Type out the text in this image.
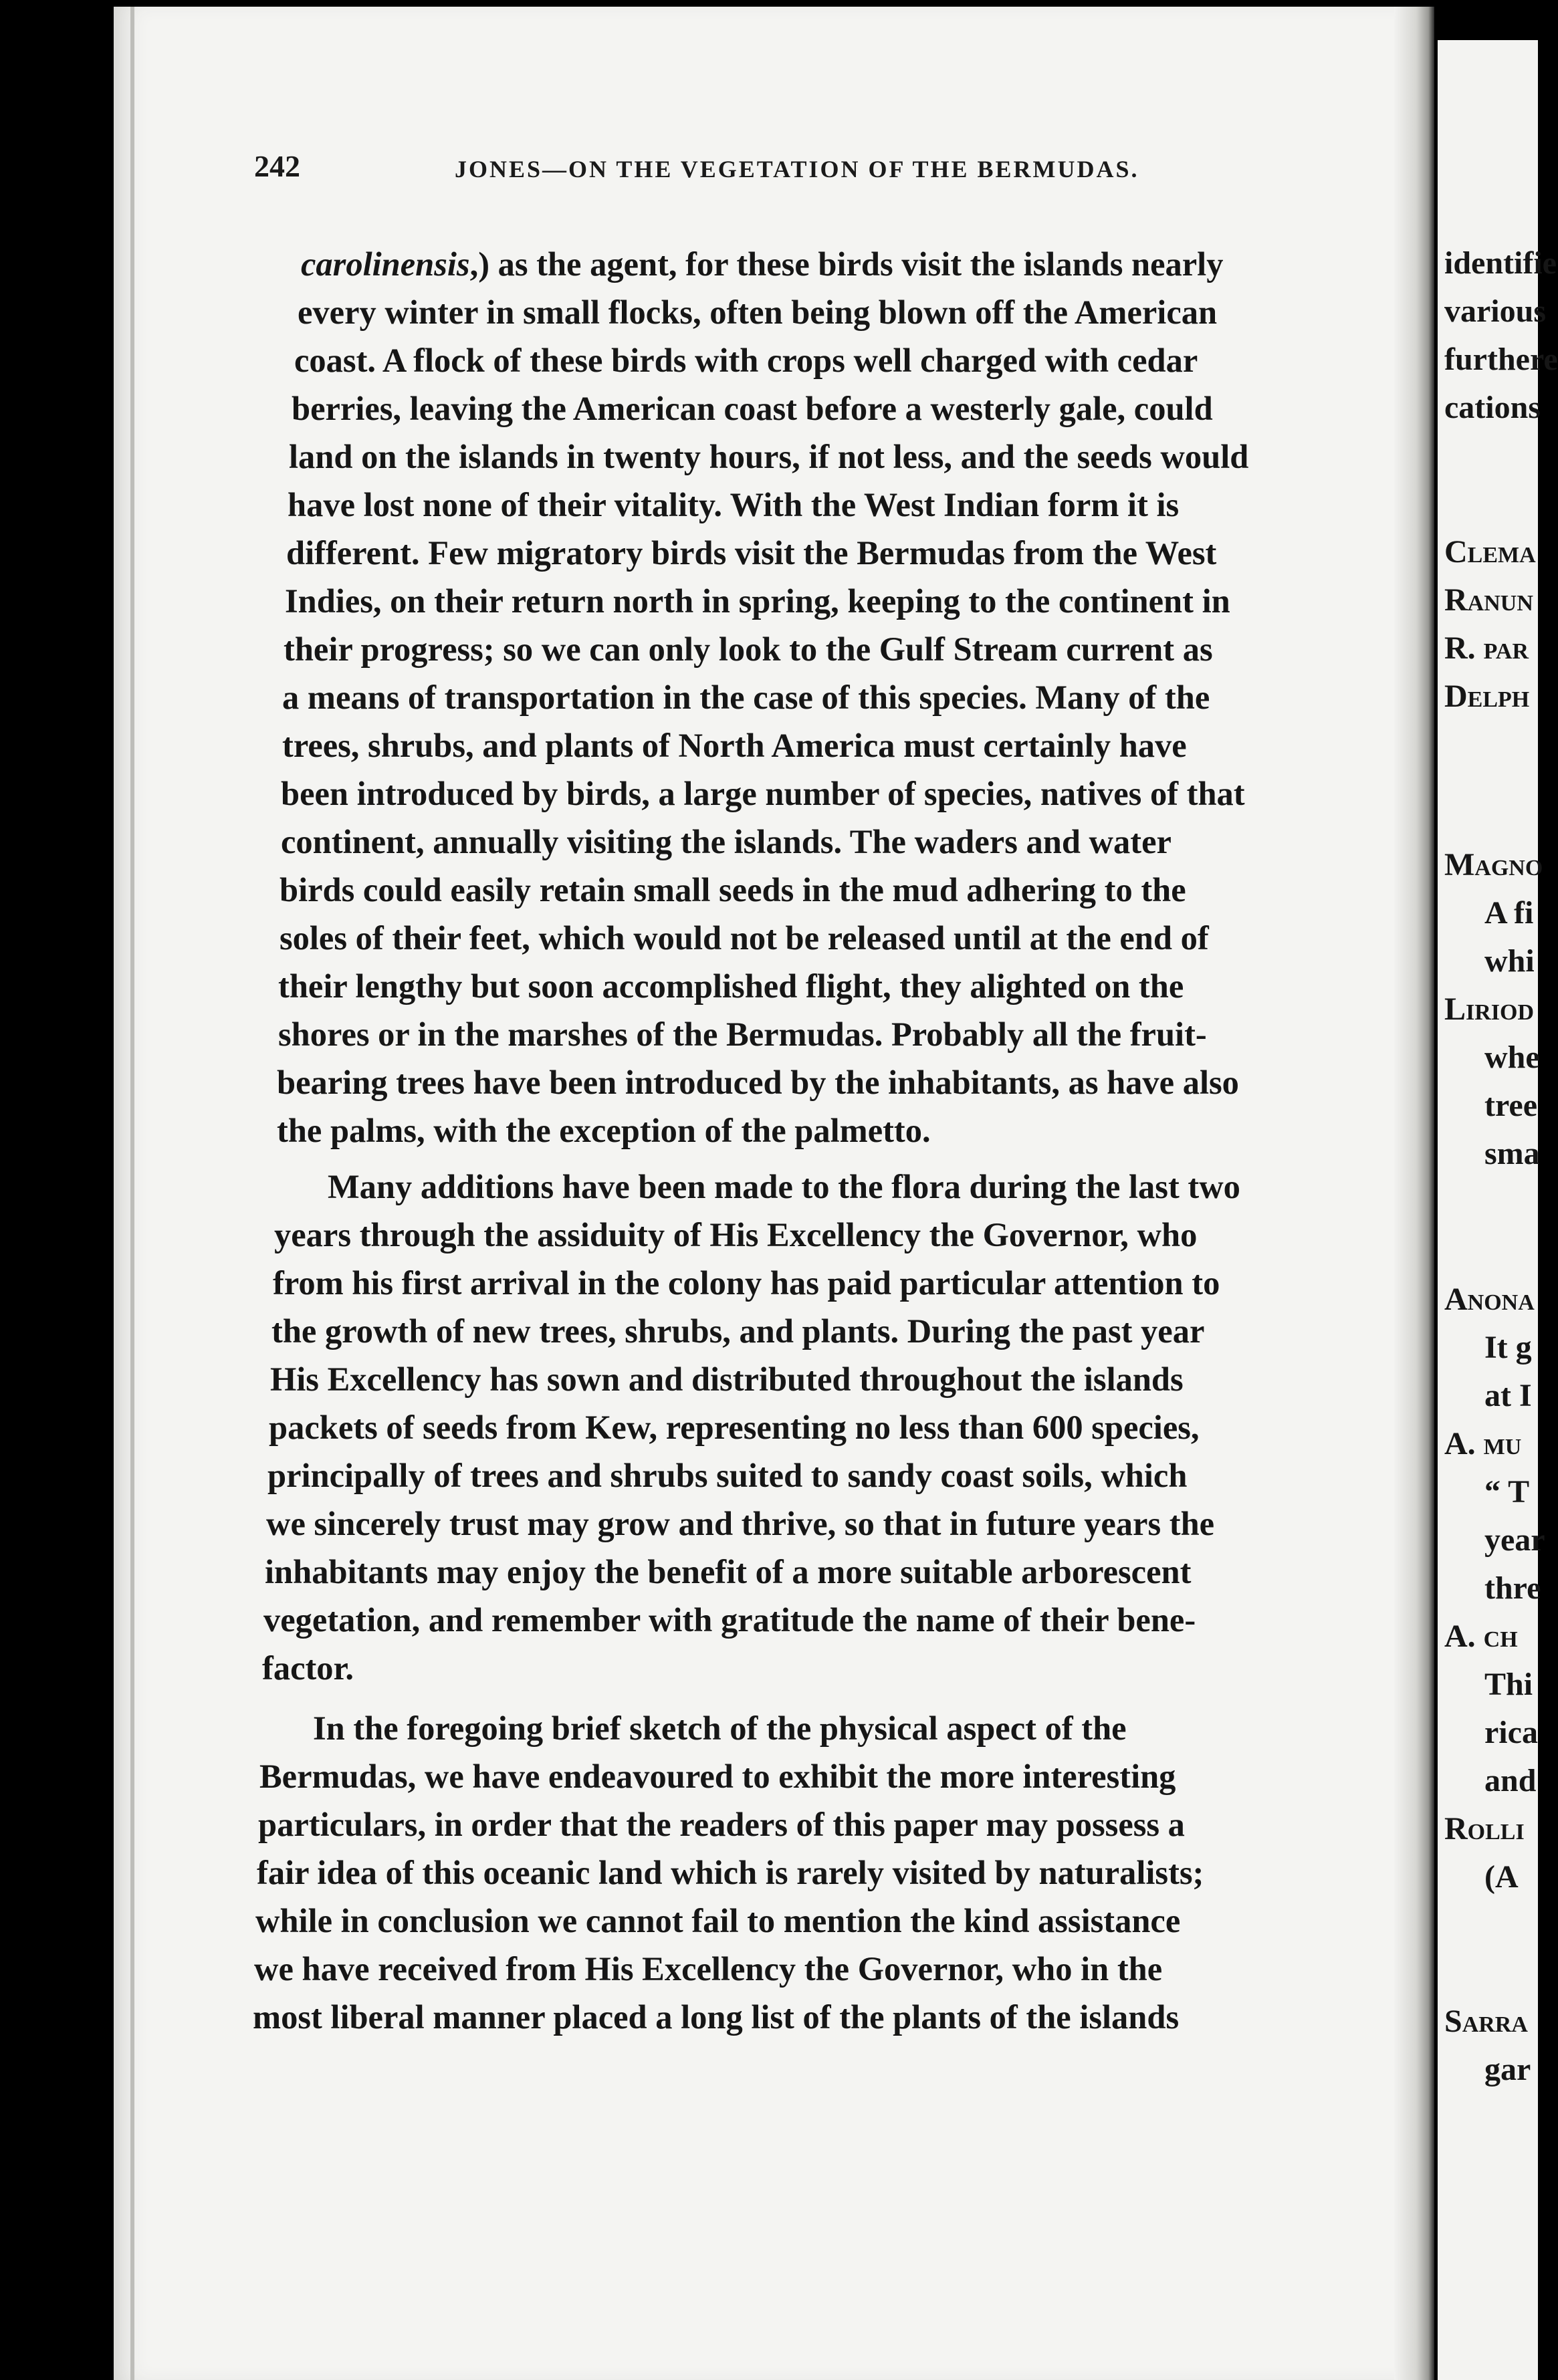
242	JONES—ON THE VEGETATION OF THE BERMUDAS.
carolinensis,) as the agent, for these birds visit the islands nearly
every winter in small flocks, often being blown off the American
coast. A flock of these birds with crops well charged with cedar
berries, leaving the American coast before a westerly gale, could
land on the islands in twenty hours, if not less, and the seeds would
have lost none of their vitality. With the West Indian form it is
different. Few migratory birds visit the Bermudas from the West
Indies, on their return north in spring, keeping to the continent in
their progress; so we can only look to the Gulf Stream current as
a means of transportation in the case of this species. Many of the
trees, shrubs, and plants of North America must certainly have
been introduced by birds, a large number of species, natives of that
continent, annually visiting the islands. The waders and water
birds could easily retain small seeds in the mud adhering to the
soles of their feet, which would not be released until at the end of
their lengthy but soon accomplished flight, they alighted on the
shores or in the marshes of the Bermudas. Probably all the fruit-
bearing trees have been introduced by the inhabitants, as have also
the palms, with the exception of the palmetto.
Many additions have been made to the flora during the last two
years through the assiduity of His Excellency the Governor, who
from his first arrival in the colony has paid particular attention to
the growth of new trees, shrubs, and plants. During the past year
His Excellency has sown and distributed throughout the islands
packets of seeds from Kew, representing no less than 600 species,
principally of trees and shrubs suited to sandy coast soils, which
we sincerely trust may grow and thrive, so that in future years the
inhabitants may enjoy the benefit of a more suitable arborescent
vegetation, and remember with gratitude the name of their bene-
factor.
In the foregoing brief sketch of the physical aspect of the
Bermudas, we have endeavoured to exhibit the more interesting
particulars, in order that the readers of this paper may possess a
fair idea of this oceanic land which is rarely visited by naturalists;
while in conclusion we cannot fail to mention the kind assistance
we have received from His Excellency the Governor, who in the
most liberal manner placed a long list of the plants of the islands
identifie
various
furthere
cations
Clema
Ranun
R. par
Delph
Magno
A fi
whi
Liriod
whe
tree
sma
Anona
It g
at I
A. mu
“ T
year
thre
A. ch
Thi
rica
and
Rolli
(A
Sarra
gar
